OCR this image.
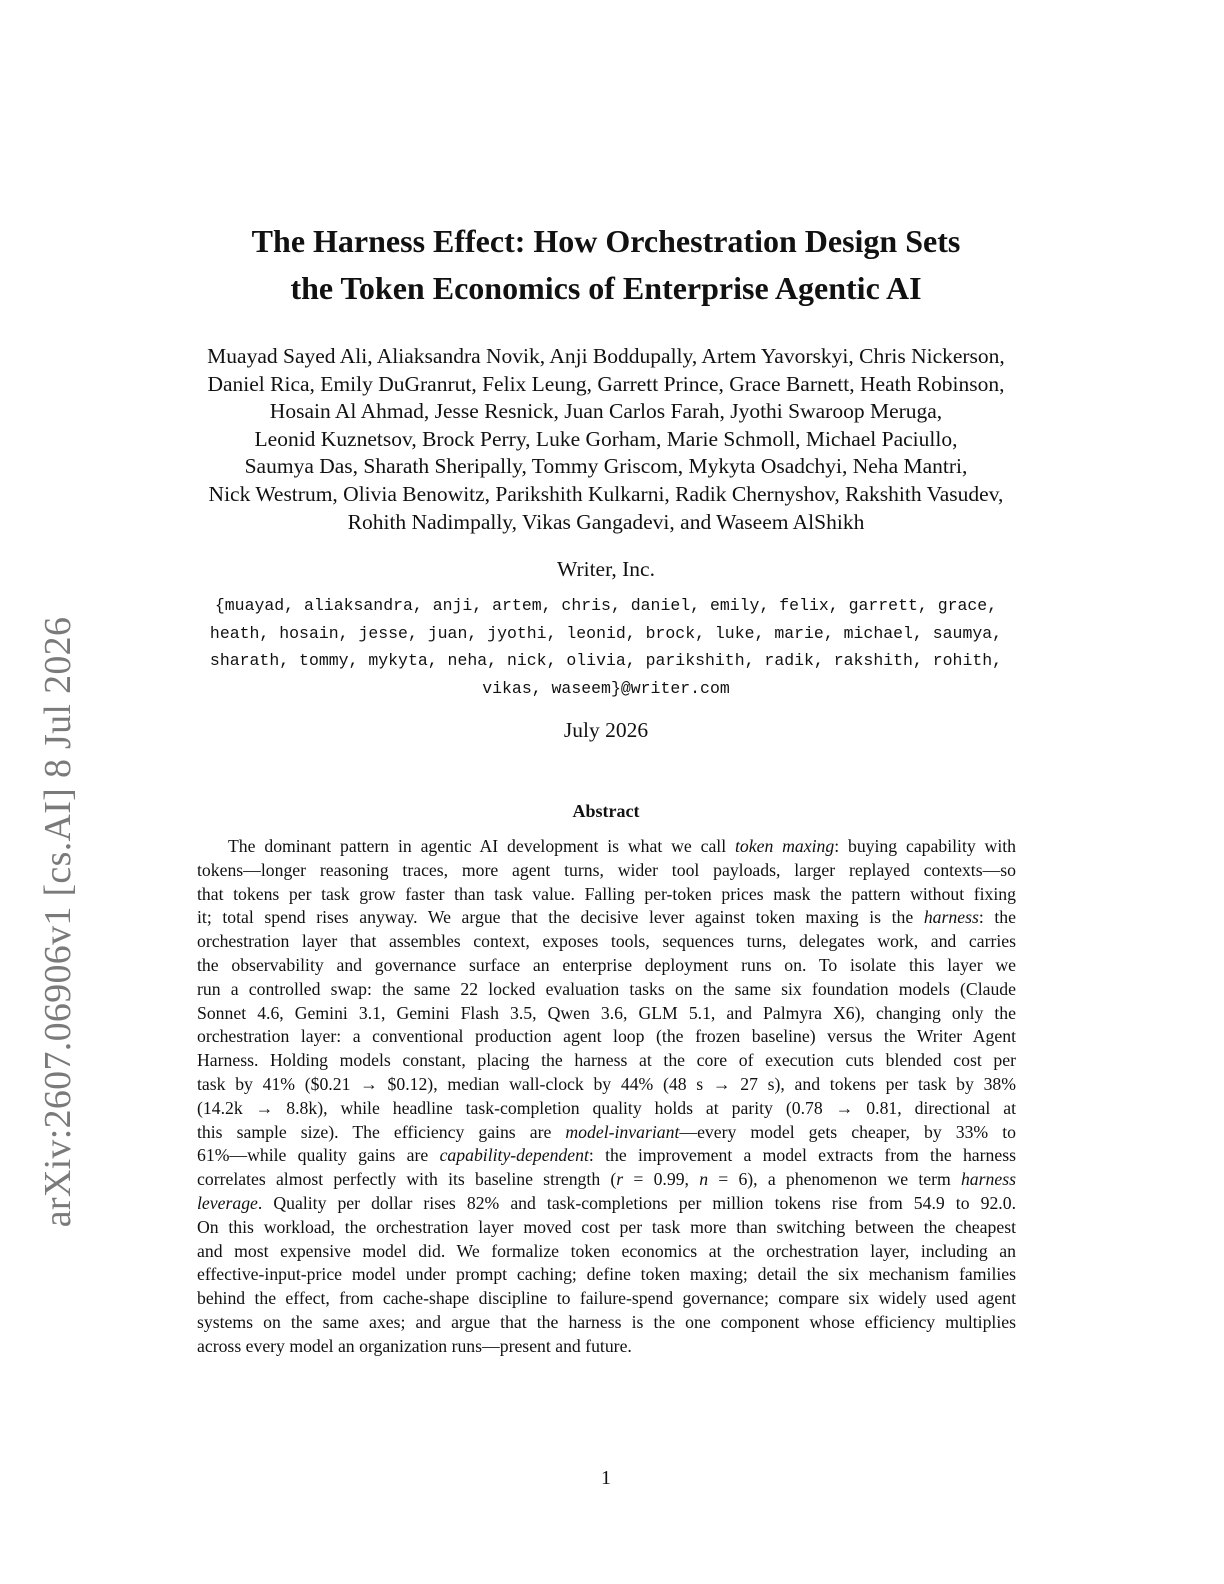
arXiv:2607.06906v1 [cs.AI] 8 Jul 2026
The Harness Effect: How Orchestration Design Sets
the Token Economics of Enterprise Agentic AI
Muayad Sayed Ali, Aliaksandra Novik, Anji Boddupally, Artem Yavorskyi, Chris Nickerson,
Daniel Rica, Emily DuGranrut, Felix Leung, Garrett Prince, Grace Barnett, Heath Robinson,
Hosain Al Ahmad, Jesse Resnick, Juan Carlos Farah, Jyothi Swaroop Meruga,
Leonid Kuznetsov, Brock Perry, Luke Gorham, Marie Schmoll, Michael Paciullo,
Saumya Das, Sharath Sheripally, Tommy Griscom, Mykyta Osadchyi, Neha Mantri,
Nick Westrum, Olivia Benowitz, Parikshith Kulkarni, Radik Chernyshov, Rakshith Vasudev,
Rohith Nadimpally, Vikas Gangadevi, and Waseem AlShikh
Writer, Inc.
{muayad, aliaksandra, anji, artem, chris, daniel, emily, felix, garrett, grace,
heath, hosain, jesse, juan, jyothi, leonid, brock, luke, marie, michael, saumya,
sharath, tommy, mykyta, neha, nick, olivia, parikshith, radik, rakshith, rohith,
vikas, waseem}@writer.com
July 2026
Abstract
The dominant pattern in agentic AI development is what we call token maxing: buying capability with
tokens—longer reasoning traces, more agent turns, wider tool payloads, larger replayed contexts—so
that tokens per task grow faster than task value. Falling per-token prices mask the pattern without fixing
it; total spend rises anyway. We argue that the decisive lever against token maxing is the harness: the
orchestration layer that assembles context, exposes tools, sequences turns, delegates work, and carries
the observability and governance surface an enterprise deployment runs on. To isolate this layer we
run a controlled swap: the same 22 locked evaluation tasks on the same six foundation models (Claude
Sonnet 4.6, Gemini 3.1, Gemini Flash 3.5, Qwen 3.6, GLM 5.1, and Palmyra X6), changing only the
orchestration layer: a conventional production agent loop (the frozen baseline) versus the Writer Agent
Harness. Holding models constant, placing the harness at the core of execution cuts blended cost per
task by 41% ($0.21 → $0.12), median wall-clock by 44% (48 s → 27 s), and tokens per task by 38%
(14.2k → 8.8k), while headline task-completion quality holds at parity (0.78 → 0.81, directional at
this sample size). The efficiency gains are model-invariant—every model gets cheaper, by 33% to
61%—while quality gains are capability-dependent: the improvement a model extracts from the harness
correlates almost perfectly with its baseline strength (r = 0.99, n = 6), a phenomenon we term harness
leverage. Quality per dollar rises 82% and task-completions per million tokens rise from 54.9 to 92.0.
On this workload, the orchestration layer moved cost per task more than switching between the cheapest
and most expensive model did. We formalize token economics at the orchestration layer, including an
effective-input-price model under prompt caching; define token maxing; detail the six mechanism families
behind the effect, from cache-shape discipline to failure-spend governance; compare six widely used agent
systems on the same axes; and argue that the harness is the one component whose efficiency multiplies
across every model an organization runs—present and future.
1
